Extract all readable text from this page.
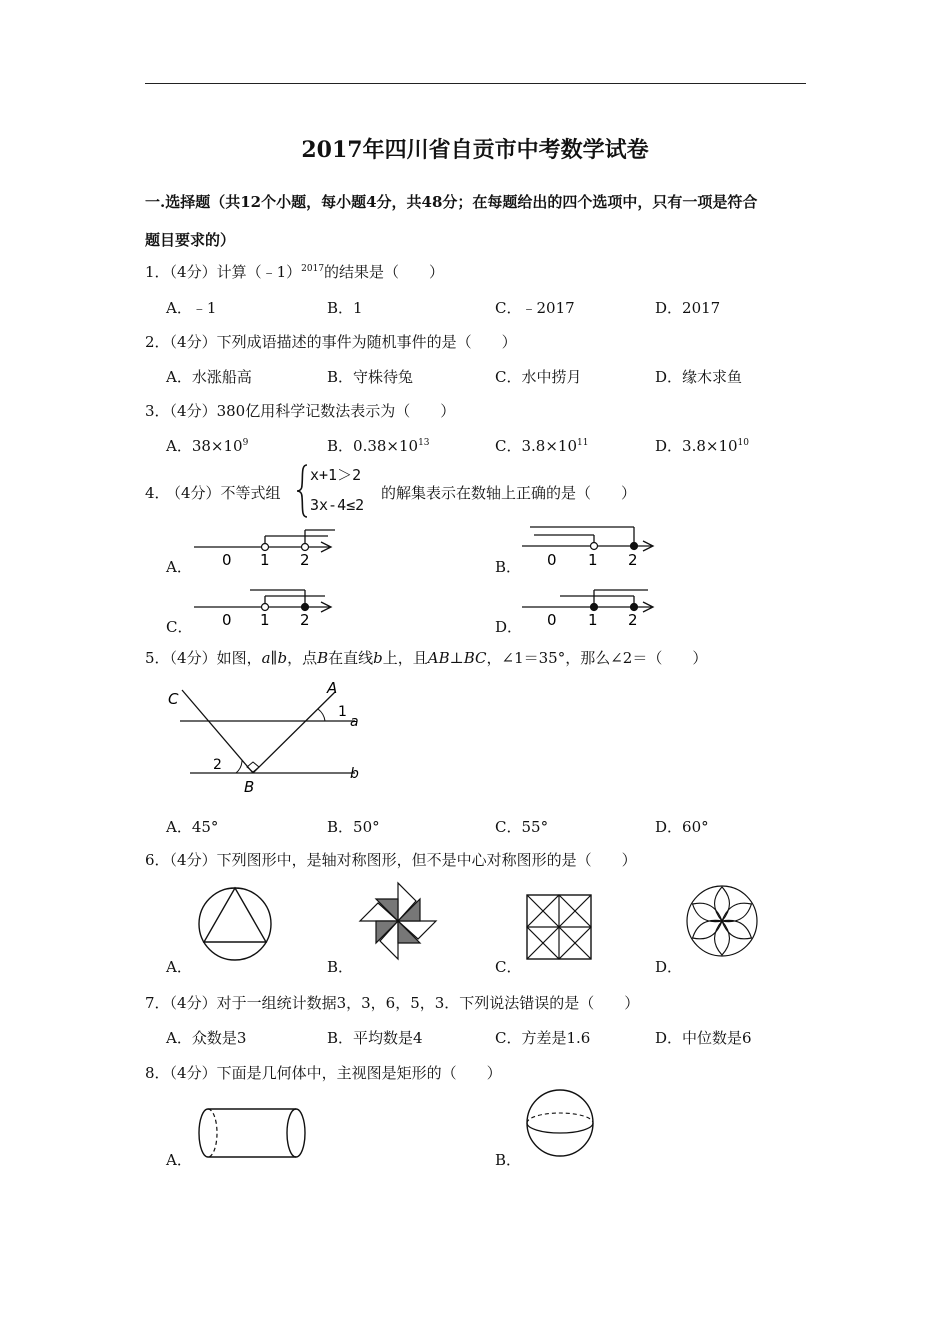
2017年四川省自贡市中考数学试卷
一.选择题（共12个小题，每小题4分，共48分；在每题给出的四个选项中，只有一项是符合
题目要求的）
1．（4分）计算（﹣1）$^{2017}$的结果是（　　）
A．﹣1	B．1	C．﹣2017	D．2017
2．（4分）下列成语描述的事件为随机事件的是（　　）
A．水涨船高	B．守株待兔	C．水中捞月	D．缘木求鱼
3．（4分）380亿用科学记数法表示为（　　）
A．$38\times 10^9$	B．$0.38\times 10^{13}$	C．$3.8\times 10^{11}$	D．$3.8\times 10^{10}$
4．
（4分）不等式组
x+1＞2
3x-4≤2
的解集表示在数轴上正确的是（　　）
A．	B．
C．	D．
0 1 2	0 1 2
0 1 2	0 1 2
5．（4分）如图，a∥b，点B在直线b上，且AB⊥BC，∠1＝35°，那么∠2＝（　　）
C
A
1
a
b
2
B
A．45°	B．50°	C．55°	D．60°
6．（4分）下列图形中，是轴对称图形，但不是中心对称图形的是（　　）
A．	B．	C．	D．
7．（4分）对于一组统计数据3，3，6，5，3．下列说法错误的是（　　）
A．众数是3	B．平均数是4	C．方差是1.6	D．中位数是6
8．（4分）下面是几何体中，主视图是矩形的（　　）
A．	B．
